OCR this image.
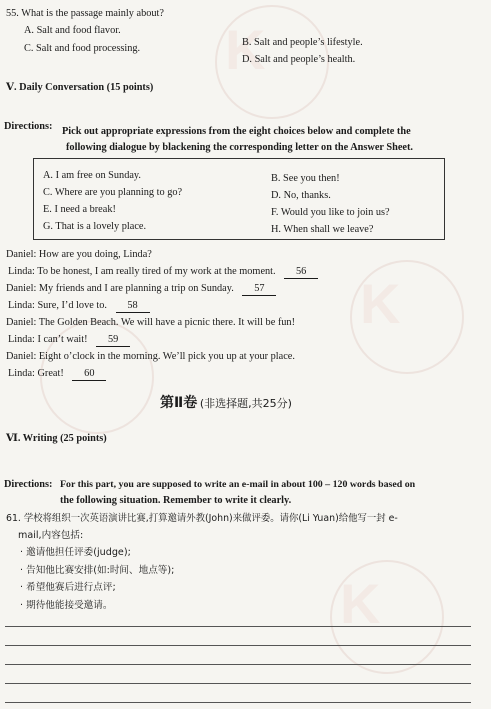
K
K
K
55. What is the passage mainly about?
A. Salt and food flavor.
B. Salt and people’s lifestyle.
C. Salt and food processing.
D. Salt and people’s health.
Ⅴ. Daily Conversation (15 points)
Directions: Pick out appropriate expressions from the eight choices below and complete the
following dialogue by blackening the corresponding letter on the Answer Sheet.
A. I am free on Sunday.	B. See you then!
C. Where are you planning to go?	D. No, thanks.
E. I need a break!	F. Would you like to join us?
G. That is a lovely place.	H. When shall we leave?
Daniel: How are you doing, Linda?
Linda: To be honest, I am really tired of my work at the moment. 56
Daniel: My friends and I are planning a trip on Sunday. 57
Linda: Sure, I’d love to. 58
Daniel: The Golden Beach. We will have a picnic there. It will be fun!
Linda: I can’t wait! 59
Daniel: Eight o’clock in the morning. We’ll pick you up at your place.
Linda: Great! 60
第Ⅱ卷 (非选择题,共25分)
Ⅵ. Writing (25 points)
Directions: For this part, you are supposed to write an e-mail in about 100 – 120 words based on
the following situation. Remember to write it clearly.
61. 学校将组织一次英语演讲比赛,打算邀请外教(John)来做评委。请你(Li Yuan)给他写一封 e-
mail,内容包括:
· 邀请他担任评委(judge);
· 告知他比赛安排(如:时间、地点等);
· 希望他赛后进行点评;
· 期待他能接受邀请。
